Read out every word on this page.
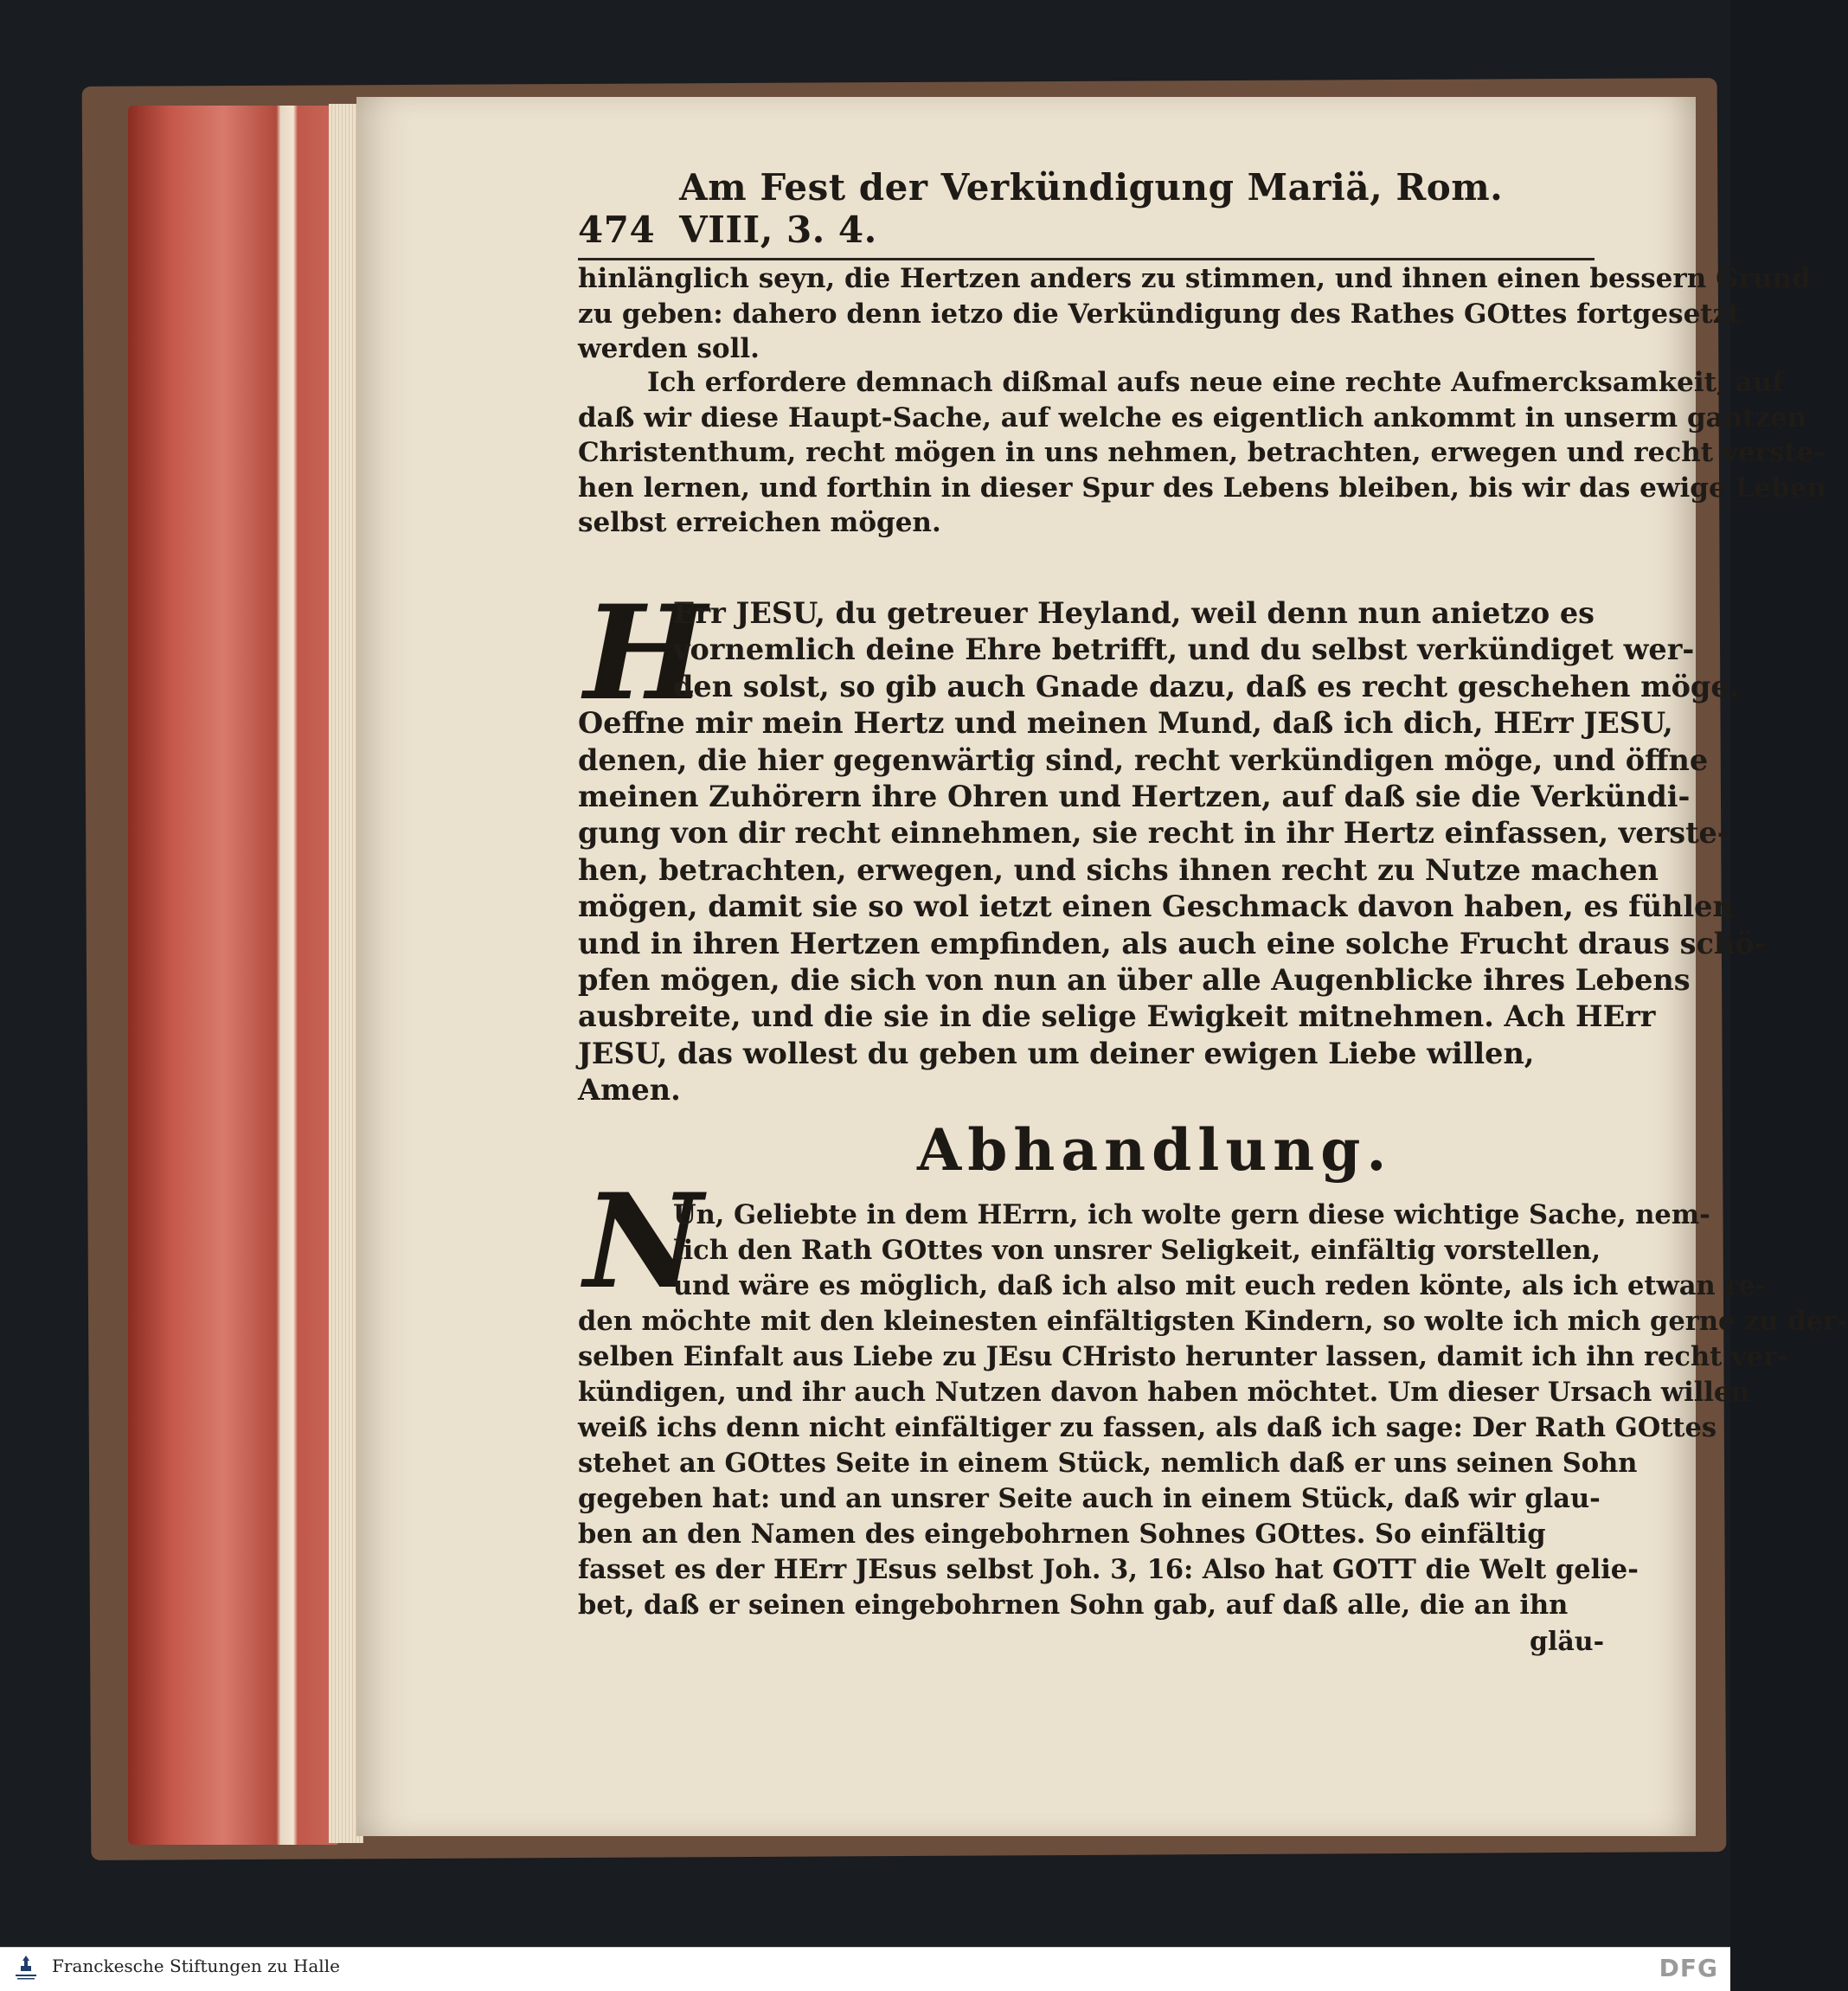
474
Am Fest der Verkündigung Mariä, Rom. VIII, 3. 4.
hinlänglich seyn, die Hertzen anders zu stimmen, und ihnen einen bessern Grund
zu geben: dahero denn ietzo die Verkündigung des Rathes GOttes fortgesetzt
werden soll.
Ich erfordere demnach dißmal aufs neue eine rechte Aufmercksamkeit, auf
daß wir diese Haupt-Sache, auf welche es eigentlich ankommt in unserm gantzen
Christenthum, recht mögen in uns nehmen, betrachten, erwegen und recht verste-
hen lernen, und forthin in dieser Spur des Lebens bleiben, bis wir das ewige Leben
selbst erreichen mögen.
H
Err JESU, du getreuer Heyland, weil denn nun anietzo es
vornemlich deine Ehre betrifft, und du selbst verkündiget wer-
den solst, so gib auch Gnade dazu, daß es recht geschehen möge.
Oeffne mir mein Hertz und meinen Mund, daß ich dich, HErr JESU,
denen, die hier gegenwärtig sind, recht verkündigen möge, und öffne
meinen Zuhörern ihre Ohren und Hertzen, auf daß sie die Verkündi-
gung von dir recht einnehmen, sie recht in ihr Hertz einfassen, verste-
hen, betrachten, erwegen, und sichs ihnen recht zu Nutze machen
mögen, damit sie so wol ietzt einen Geschmack davon haben, es fühlen
und in ihren Hertzen empfinden, als auch eine solche Frucht draus schö-
pfen mögen, die sich von nun an über alle Augenblicke ihres Lebens
ausbreite, und die sie in die selige Ewigkeit mitnehmen. Ach HErr
JESU, das wollest du geben um deiner ewigen Liebe willen,
Amen.
Abhandlung.
N
Un, Geliebte in dem HErrn, ich wolte gern diese wichtige Sache, nem-
lich den Rath GOttes von unsrer Seligkeit, einfältig vorstellen,
und wäre es möglich, daß ich also mit euch reden könte, als ich etwan re-
den möchte mit den kleinesten einfältigsten Kindern, so wolte ich mich gerne zu der-
selben Einfalt aus Liebe zu JEsu CHristo herunter lassen, damit ich ihn recht ver-
kündigen, und ihr auch Nutzen davon haben möchtet. Um dieser Ursach willen
weiß ichs denn nicht einfältiger zu fassen, als daß ich sage: Der Rath GOttes
stehet an GOttes Seite in einem Stück, nemlich daß er uns seinen Sohn
gegeben hat: und an unsrer Seite auch in einem Stück, daß wir glau-
ben an den Namen des eingebohrnen Sohnes GOttes. So einfältig
fasset es der HErr JEsus selbst Joh. 3, 16: Also hat GOTT die Welt gelie-
bet, daß er seinen eingebohrnen Sohn gab, auf daß alle, die an ihn
gläu-
Franckesche Stiftungen zu Halle	DFG
